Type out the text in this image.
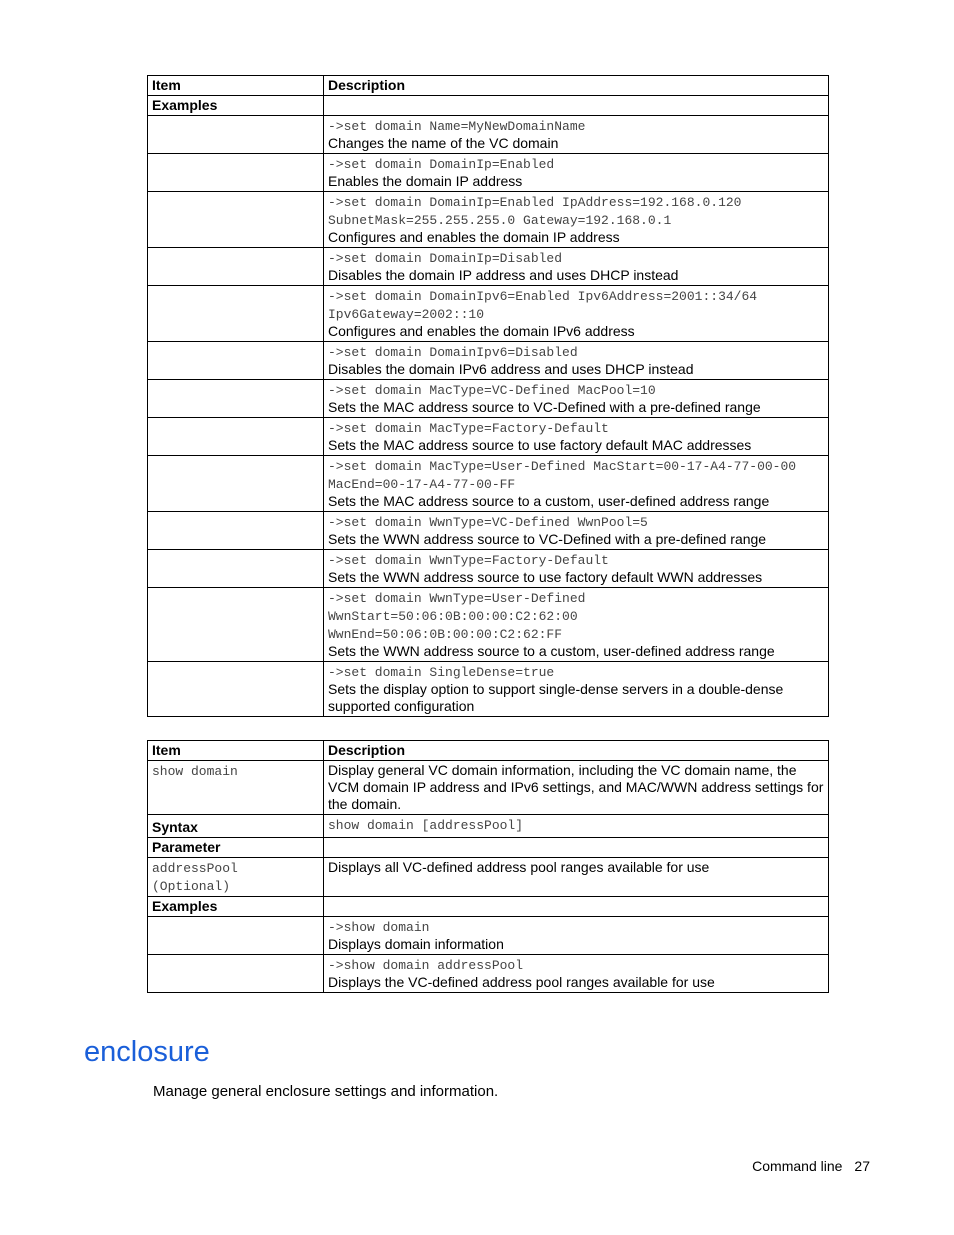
Item	Description
Examples	
	->set domain Name=MyNewDomainName
Changes the name of the VC domain

	->set domain DomainIp=Enabled
Enables the domain IP address

	->set domain DomainIp=Enabled IpAddress=192.168.0.120
SubnetMask=255.255.255.0 Gateway=192.168.0.1
Configures and enables the domain IP address

	->set domain DomainIp=Disabled
Disables the domain IP address and uses DHCP instead

	->set domain DomainIpv6=Enabled Ipv6Address=2001::34/64
Ipv6Gateway=2002::10
Configures and enables the domain IPv6 address

	->set domain DomainIpv6=Disabled
Disables the domain IPv6 address and uses DHCP instead

	->set domain MacType=VC-Defined MacPool=10
Sets the MAC address source to VC-Defined with a pre-defined range

	->set domain MacType=Factory-Default
Sets the MAC address source to use factory default MAC addresses

	->set domain MacType=User-Defined MacStart=00-17-A4-77-00-00
MacEnd=00-17-A4-77-00-FF
Sets the MAC address source to a custom, user-defined address range

	->set domain WwnType=VC-Defined WwnPool=5
Sets the WWN address source to VC-Defined with a pre-defined range

	->set domain WwnType=Factory-Default
Sets the WWN address source to use factory default WWN addresses

	->set domain WwnType=User-Defined
WwnStart=50:06:0B:00:00:C2:62:00
WwnEnd=50:06:0B:00:00:C2:62:FF
Sets the WWN address source to a custom, user-defined address range

	->set domain SingleDense=true
Sets the display option to support single-dense servers in a double-dense supported configuration
Item	Description
show domain	Display general VC domain information, including the VC domain name, the VCM domain IP address and IPv6 settings, and MAC/WWN address settings for the domain.
Syntax	show domain [addressPool]
Parameter	
addressPool
(Optional)	Displays all VC-defined address pool ranges available for use
Examples	
	->show domain
Displays domain information

	->show domain addressPool
Displays the VC-defined address pool ranges available for use
enclosure

Manage general enclosure settings and information.

Command line 27
